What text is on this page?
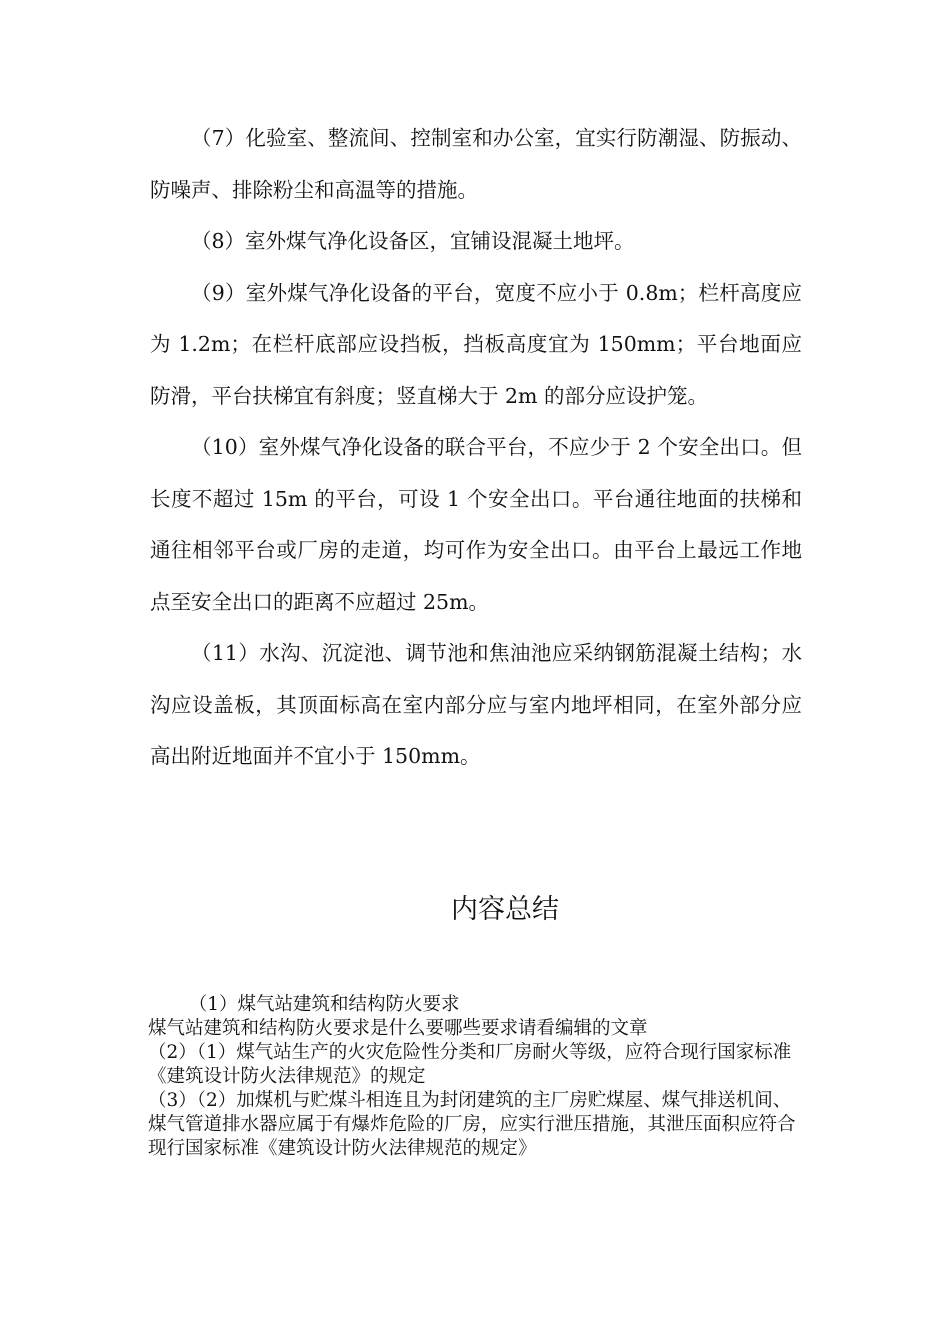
（7）化验室、整流间、控制室和办公室，宜实行防潮湿、防振动、防噪声、排除粉尘和高温等的措施。

（8）室外煤气净化设备区，宜铺设混凝土地坪。

（9）室外煤气净化设备的平台，宽度不应小于 0.8m；栏杆高度应为 1.2m；在栏杆底部应设挡板，挡板高度宜为 150mm；平台地面应防滑，平台扶梯宜有斜度；竖直梯大于 2m 的部分应设护笼。

（10）室外煤气净化设备的联合平台，不应少于 2 个安全出口。但长度不超过 15m 的平台，可设 1 个安全出口。平台通往地面的扶梯和通往相邻平台或厂房的走道，均可作为安全出口。由平台上最远工作地点至安全出口的距离不应超过 25m。

（11）水沟、沉淀池、调节池和焦油池应采纳钢筋混凝土结构；水沟应设盖板，其顶面标高在室内部分应与室内地坪相同，在室外部分应高出附近地面并不宜小于 150mm。

内容总结

（1）煤气站建筑和结构防火要求

煤气站建筑和结构防火要求是什么要哪些要求请看编辑的文章

（2）（1）煤气站生产的火灾危险性分类和厂房耐火等级，应符合现行国家标准《建筑设计防火法律规范》的规定

（3）（2）加煤机与贮煤斗相连且为封闭建筑的主厂房贮煤屋、煤气排送机间、煤气管道排水器应属于有爆炸危险的厂房，应实行泄压措施，其泄压面积应符合现行国家标准《建筑设计防火法律规范的规定》
